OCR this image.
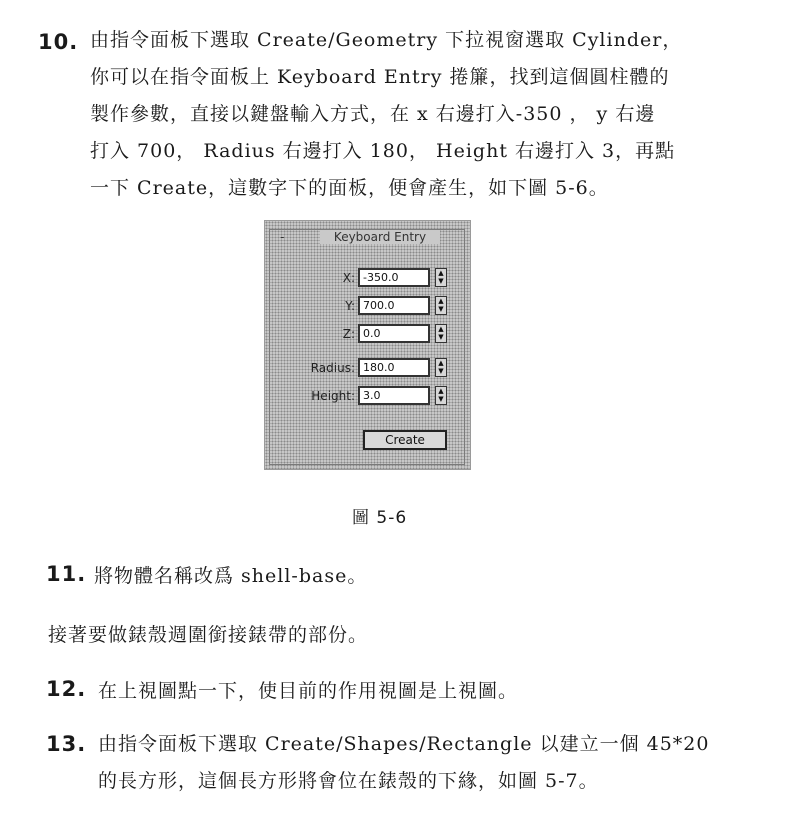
10. 由指令面板下選取 Create/Geometry 下拉視窗選取 Cylinder，
你可以在指令面板上 Keyboard Entry 捲簾，找到這個圓柱體的
製作參數，直接以鍵盤輸入方式，在 x 右邊打入-350 ， y 右邊
打入 700， Radius 右邊打入 180， Height 右邊打入 3，再點
一下 Create，這數字下的面板，便會產生，如下圖 5-6。
-	Keyboard Entry
X: -350.0	▲
▼
Y: 700.0	▲
▼
Z: 0.0	▲
▼
Radius: 180.0	▲
▼
Height: 3.0	▲
▼
Create
圖 5-6
11. 將物體名稱改爲 shell-base。
接著要做錶殼週圍銜接錶帶的部份。
12. 在上視圖點一下，使目前的作用視圖是上視圖。
13. 由指令面板下選取 Create/Shapes/Rectangle 以建立一個 45*20
的長方形，這個長方形將會位在錶殼的下緣，如圖 5-7。
